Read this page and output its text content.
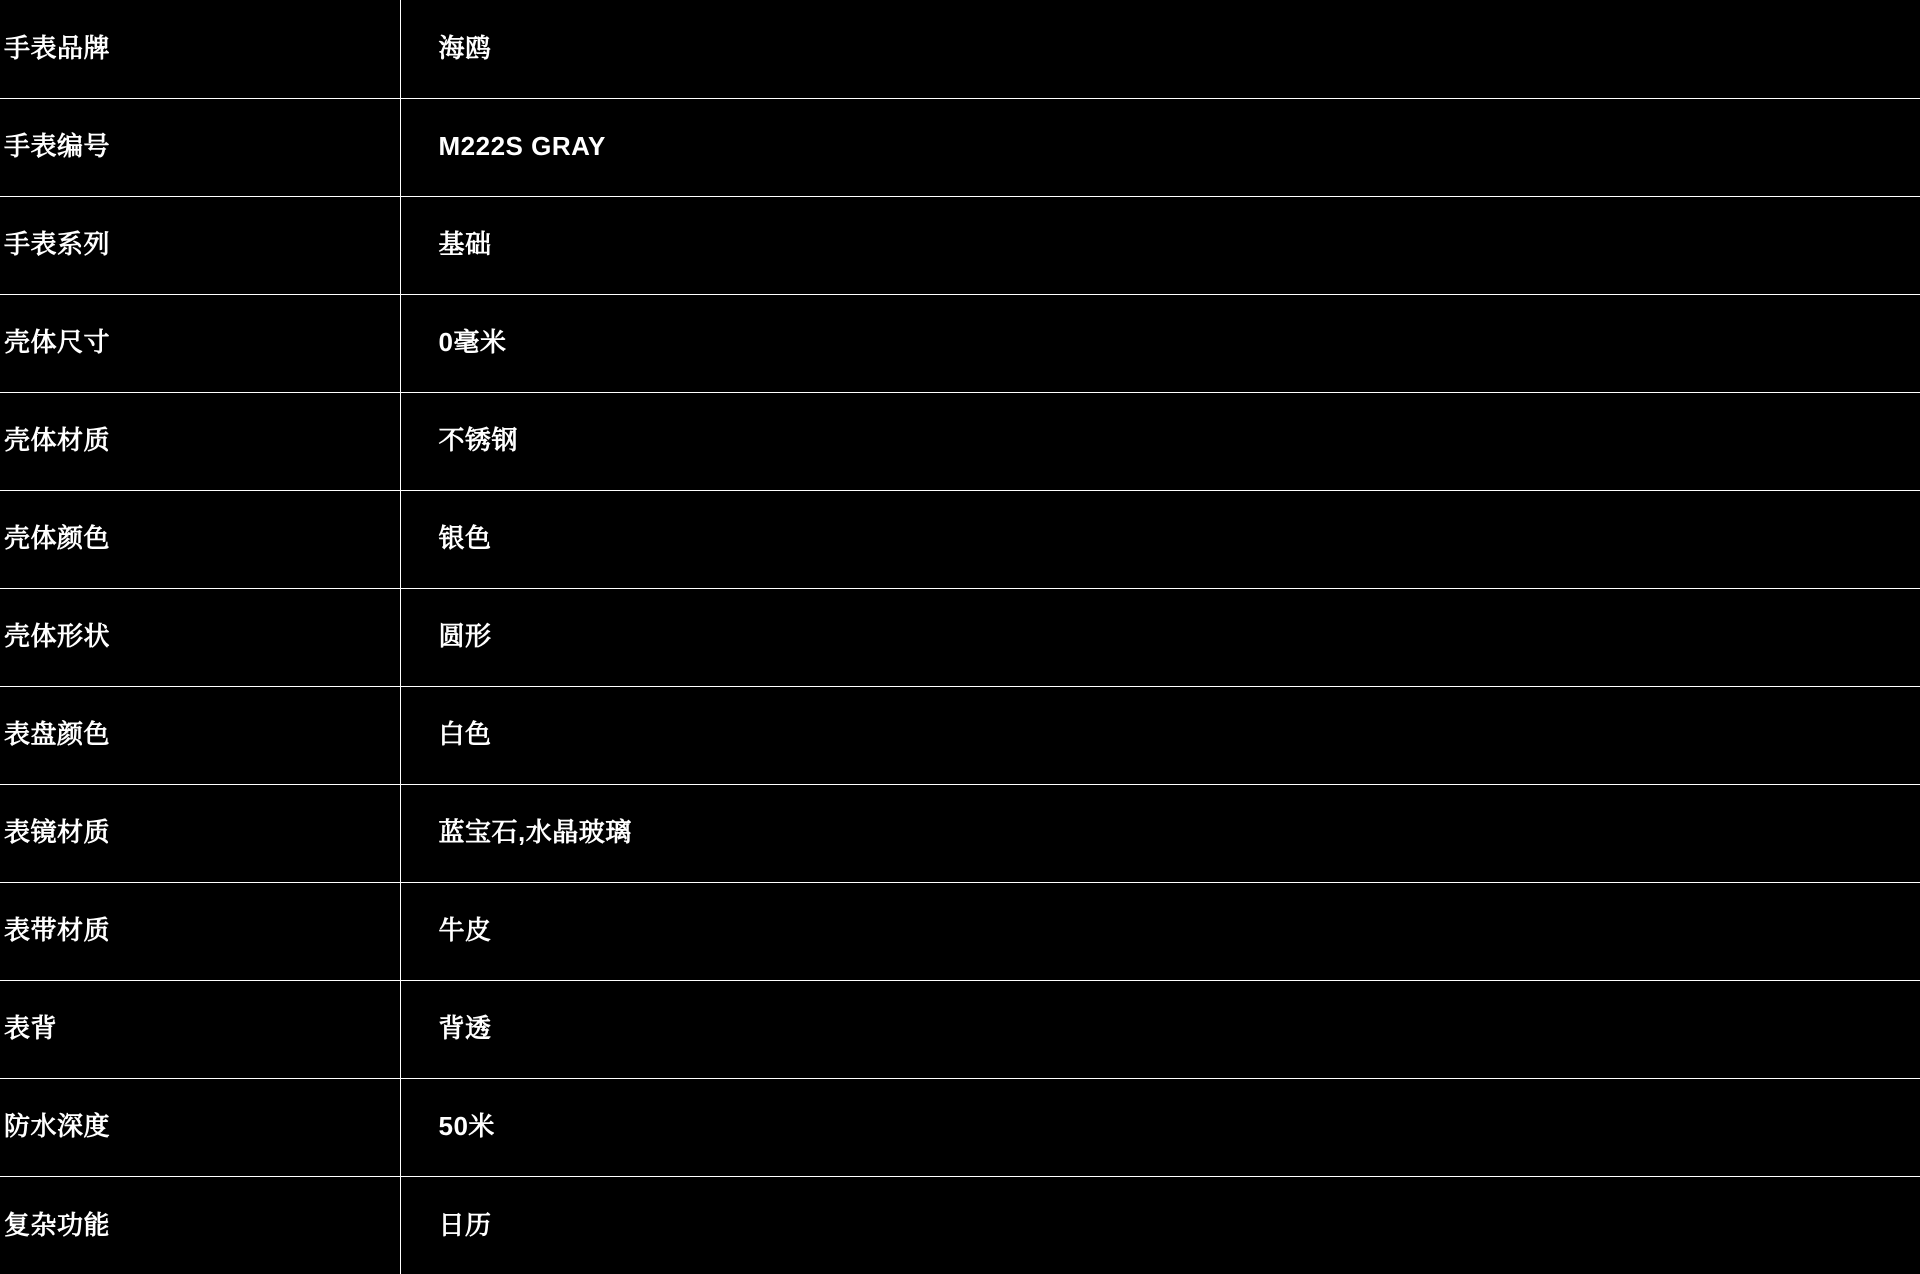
手表品牌	海鸥
手表编号	M222S GRAY
手表系列	基础
壳体尺寸	0毫米
壳体材质	不锈钢
壳体颜色	银色
壳体形状	圆形
表盘颜色	白色
表镜材质	蓝宝石,水晶玻璃
表带材质	牛皮
表背	背透
防水深度	50米
复杂功能	日历
